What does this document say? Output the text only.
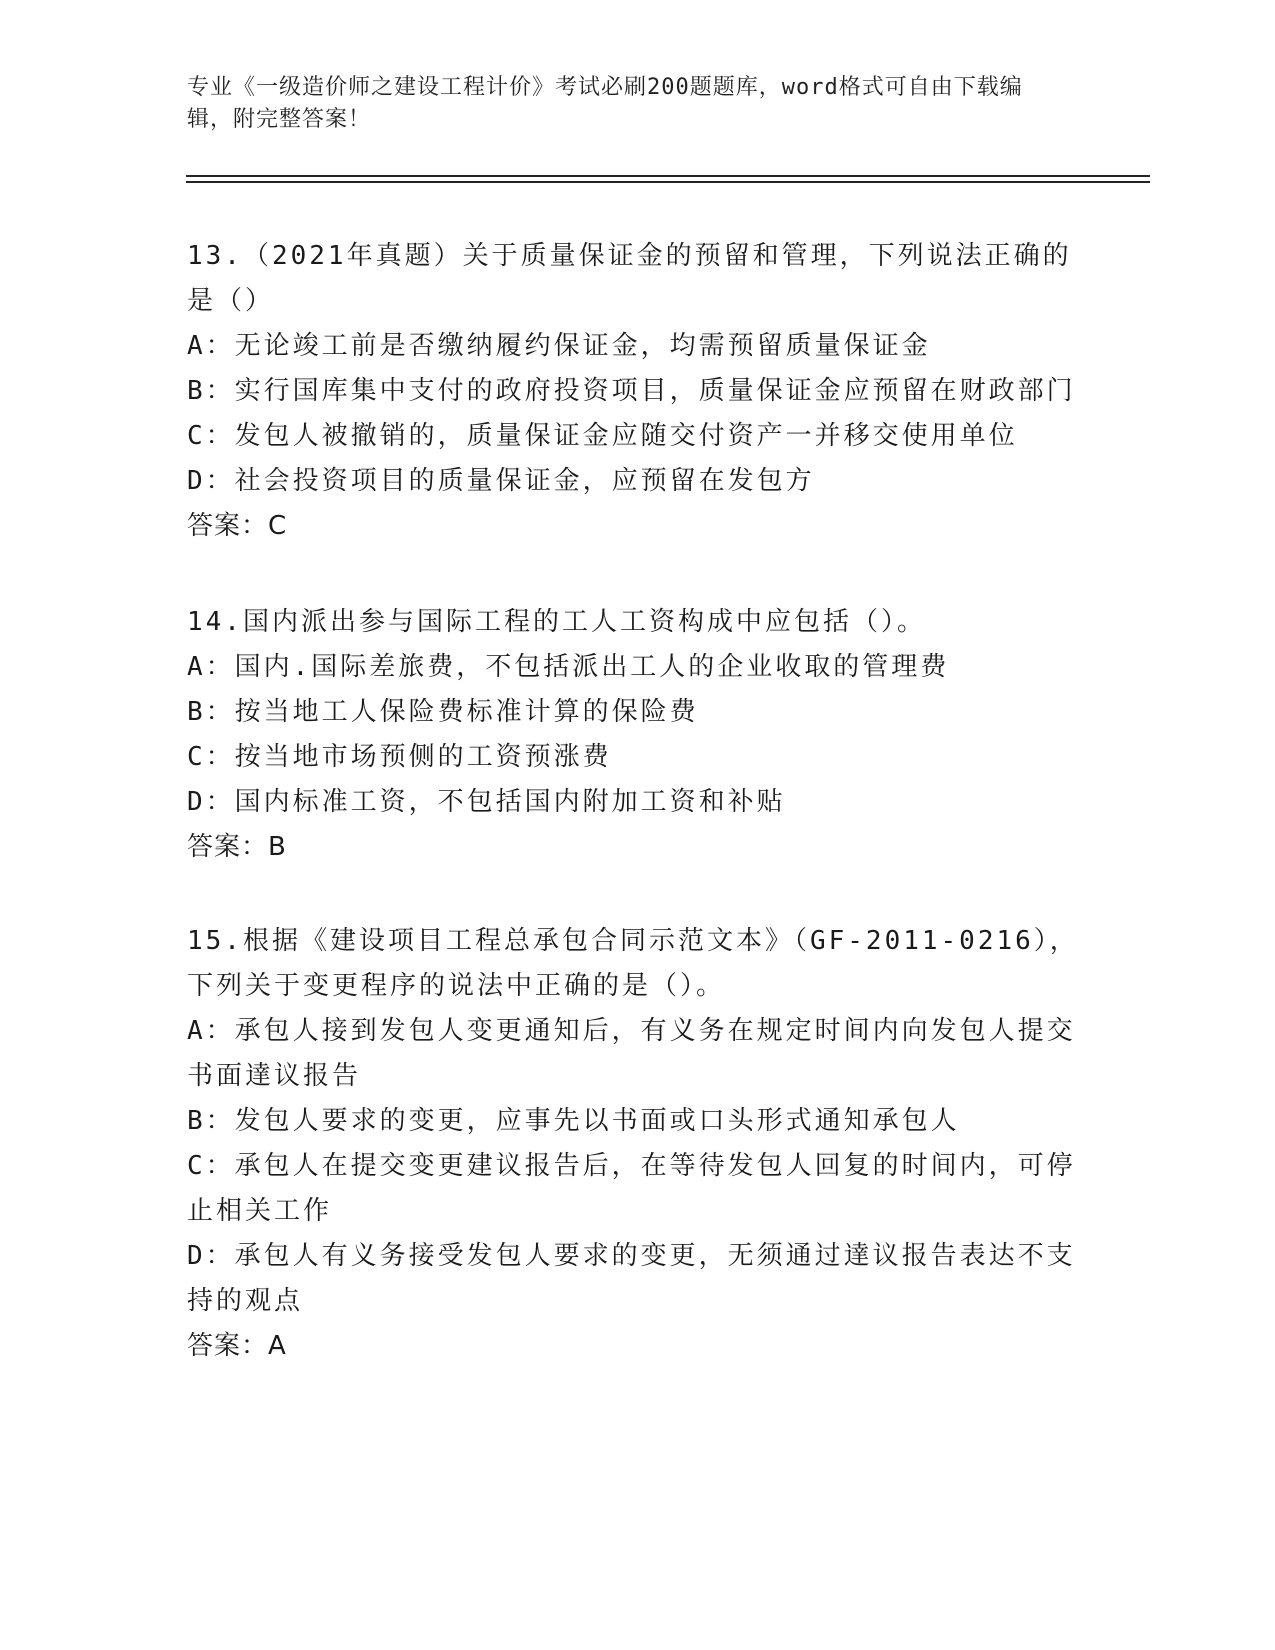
专业《一级造价师之建设工程计价》考试必刷200题题库，word格式可自由下载编辑，附完整答案！

13.（2021年真题）关于质量保证金的预留和管理，下列说法正确的是（）

A：无论竣工前是否缴纳履约保证金，均需预留质量保证金

B：实行国库集中支付的政府投资项目，质量保证金应预留在财政部门

C：发包人被撤销的，质量保证金应随交付资产一并移交使用单位

D：社会投资项目的质量保证金，应预留在发包方

答案：C

14.国内派出参与国际工程的工人工资构成中应包括（）。

A：国内.国际差旅费，不包括派出工人的企业收取的管理费

B：按当地工人保险费标准计算的保险费

C：按当地市场预侧的工资预涨费

D：国内标准工资，不包括国内附加工资和补贴

答案：B

15.根据《建设项目工程总承包合同示范文本》（GF-2011-0216），下列关于变更程序的说法中正确的是（）。

A：承包人接到发包人变更通知后，有义务在规定时间内向发包人提交书面達议报告

B：发包人要求的变更，应事先以书面或口头形式通知承包人

C：承包人在提交变更建议报告后，在等待发包人回复的时间内，可停止相关工作

D：承包人有义务接受发包人要求的变更，无须通过達议报告表达不支持的观点

答案：A
